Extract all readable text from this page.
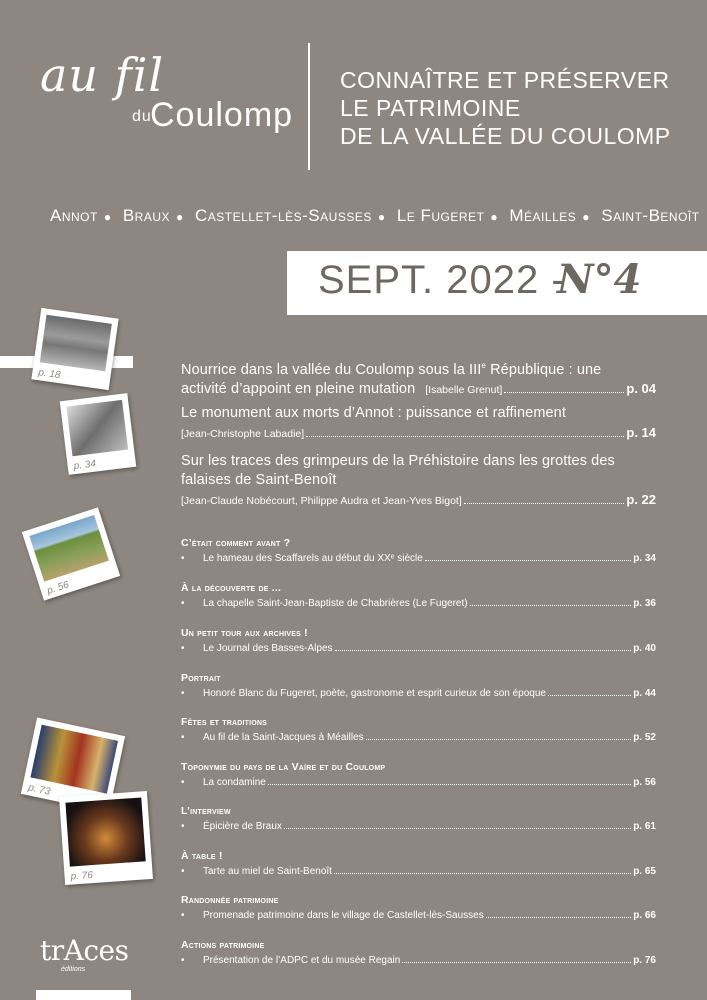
au fil
du
Coulomp
CONNAÎTRE ET PRÉSERVER
LE PATRIMOINE
DE LA VALLÉE DU COULOMP
Annot ● Braux ● Castellet-lès-Sausses ● Le Fugeret ● Méailles ● Saint-Benoît
SEPT. 2022 -
N°4
p. 18
p. 34
p. 56
p. 73
p. 76
Nourrice dans la vallée du Coulomp sous la IIIe République : une
activité d’appoint en pleine mutation [Isabelle Grenut]	p. 04
Le monument aux morts d’Annot : puissance et raffinement
[Jean-Christophe Labadie]	p. 14
Sur les traces des grimpeurs de la Préhistoire dans les grottes des
falaises de Saint-Benoît
[Jean-Claude Nobécourt, Philippe Audra et Jean-Yves Bigot]	p. 22
C’était comment avant ?
•	Le hameau des Scaffarels au début du XXᵉ siècle	p. 34
À la découverte de ...
•	La chapelle Saint-Jean-Baptiste de Chabrières (Le Fugeret)	p. 36
Un petit tour aux archives !
•	Le Journal des Basses-Alpes	p. 40
Portrait
•	Honoré Blanc du Fugeret, poète, gastronome et esprit curieux de son époque	p. 44
Fêtes et traditions
•	Au fil de la Saint-Jacques à Méailles	p. 52
Toponymie du pays de la Vaïre et du Coulomp
•	La condamine	p. 56
L’interview
•	Épicière de Braux	p. 61
À table !
•	Tarte au miel de Saint-Benoît	p. 65
Randonnée patrimoine
•	Promenade patrimoine dans le village de Castellet-lès-Sausses	p. 66
Actions patrimoine
•	Présentation de l’ADPC et du musée Regain	p. 76
trAces
éditions
